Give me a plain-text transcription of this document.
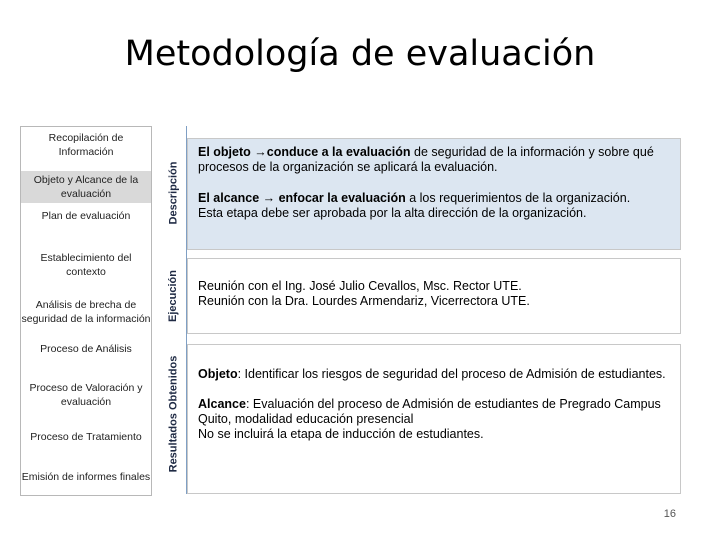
Metodología de evaluación
Recopilación de Información
Objeto y Alcance de la evaluación
Plan de evaluación
Establecimiento del contexto
Análisis de brecha de seguridad de la información
Proceso de Análisis
Proceso de Valoración y evaluación
Proceso de Tratamiento
Emisión de informes finales
Descripción
Ejecución
Resultados Obtenidos

El objeto →conduce a la evaluación de seguridad de la información y sobre qué procesos de la organización se aplicará la evaluación.

El alcance → enfocar la evaluación a los requerimientos de la organización.
Esta etapa debe ser aprobada por la alta dirección de la organización.

Reunión con el Ing. José Julio Cevallos, Msc. Rector UTE.

Reunión con la Dra. Lourdes Armendariz, Vicerrectora UTE.

Objeto: Identificar los riesgos de seguridad del proceso de Admisión de estudiantes.

Alcance: Evaluación del proceso de Admisión de estudiantes de Pregrado Campus Quito, modalidad educación presencial
No se incluirá la etapa de inducción de estudiantes.

16
